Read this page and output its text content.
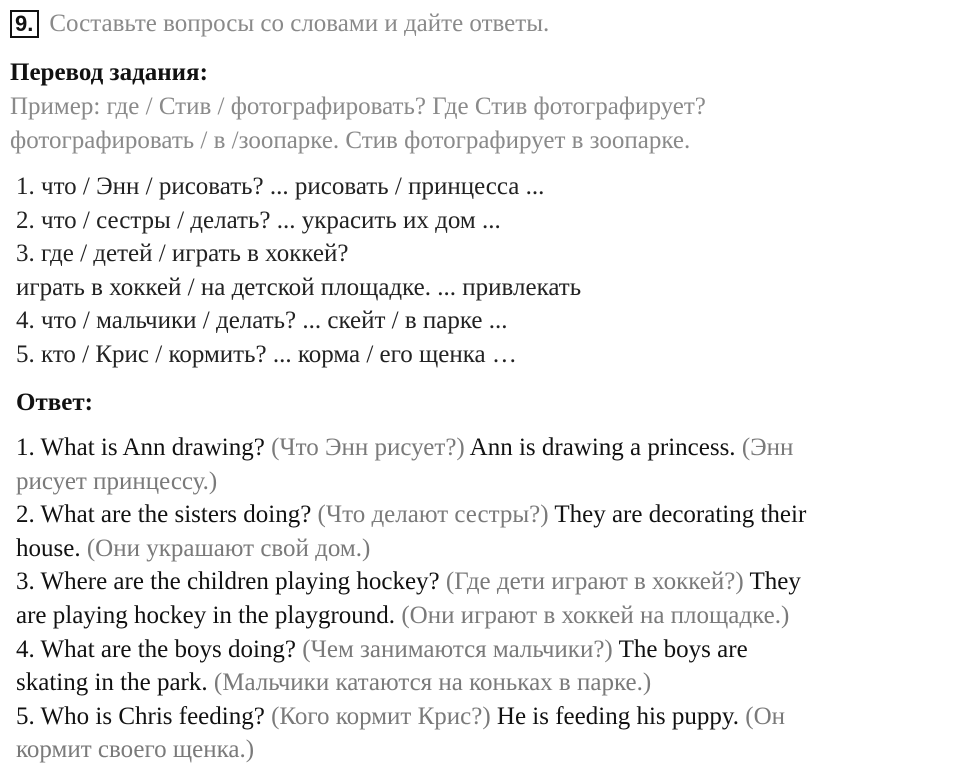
9. Составьте вопросы со словами и дайте ответы.
Перевод задания:
Пример: где / Стив / фотографировать? Где Стив фотографирует?
фотографировать / в /зоопарке. Стив фотографирует в зоопарке.
1. что / Энн / рисовать? ... рисовать / принцесса ...
2. что / сестры / делать? ... украсить их дом ...
3. где / детей / играть в хоккей?
играть в хоккей / на детской площадке. ... привлекать
4. что / мальчики / делать? ... скейт / в парке ...
5. кто / Крис / кормить? ... корма / его щенка …
Ответ:
1. What is Ann drawing? (Что Энн рисует?) Ann is drawing a princess. (Энн
рисует принцессу.)
2. What are the sisters doing? (Что делают сестры?) They are decorating their
house. (Они украшают свой дом.)
3. Where are the children playing hockey? (Где дети играют в хоккей?) They
are playing hockey in the playground. (Они играют в хоккей на площадке.)
4. What are the boys doing? (Чем занимаются мальчики?) The boys are
skating in the park. (Мальчики катаются на коньках в парке.)
5. Who is Chris feeding? (Кого кормит Крис?) He is feeding his puppy. (Он
кормит своего щенка.)
